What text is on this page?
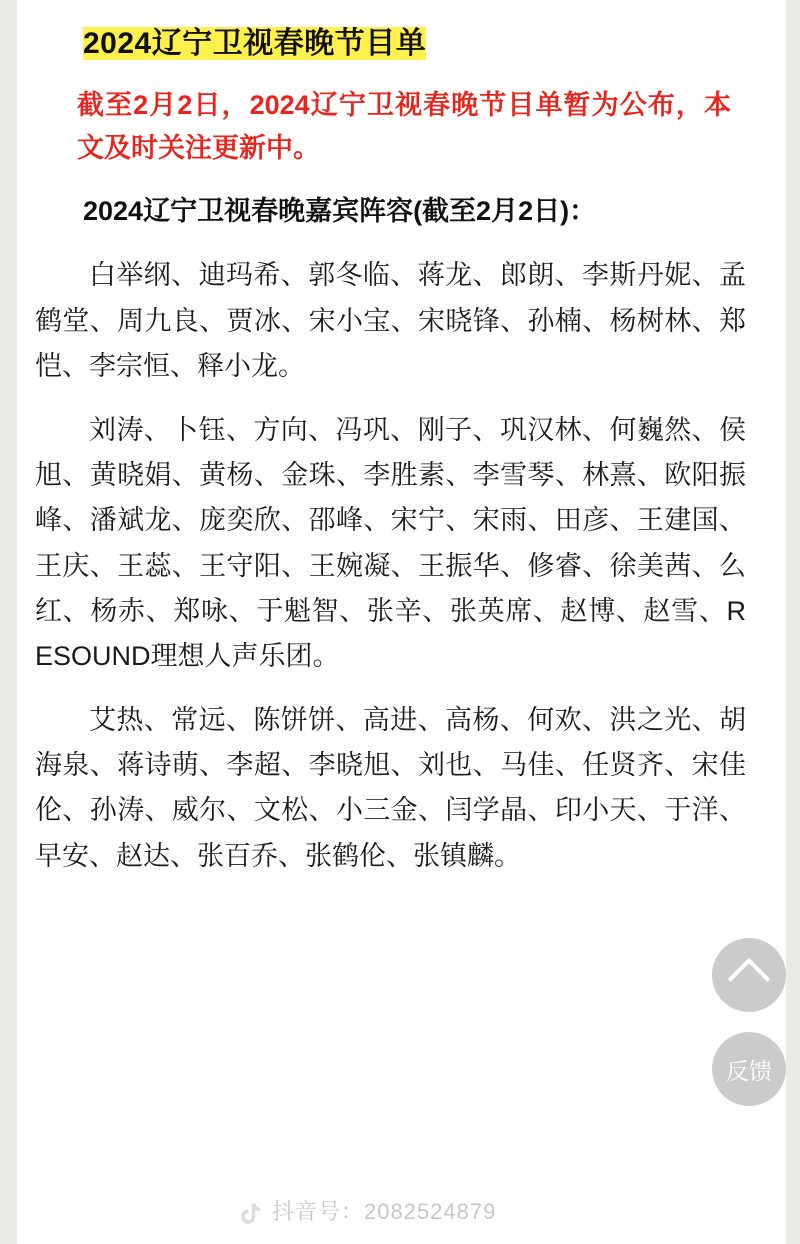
2024辽宁卫视春晚节目单
截至2月2日，2024辽宁卫视春晚节目单暂为公布，本文及时关注更新中。
2024辽宁卫视春晚嘉宾阵容(截至2月2日)：
白举纲、迪玛希、郭冬临、蒋龙、郎朗、李斯丹妮、孟鹤堂、周九良、贾冰、宋小宝、宋晓锋、孙楠、杨树林、郑恺、李宗恒、释小龙。
刘涛、卜钰、方向、冯巩、刚子、巩汉林、何巍然、侯旭、黄晓娟、黄杨、金珠、李胜素、李雪琴、林熹、欧阳振峰、潘斌龙、庞奕欣、邵峰、宋宁、宋雨、田彦、王建国、王庆、王蕊、王守阳、王婉凝、王振华、修睿、徐美茜、么红、杨赤、郑咏、于魁智、张辛、张英席、赵博、赵雪、RESOUND理想人声乐团。
艾热、常远、陈饼饼、高进、高杨、何欢、洪之光、胡海泉、蒋诗萌、李超、李晓旭、刘也、马佳、任贤齐、宋佳伦、孙涛、威尔、文松、小三金、闫学晶、印小天、于洋、早安、赵达、张百乔、张鹤伦、张镇麟。
抖音号：2082524879
反馈
